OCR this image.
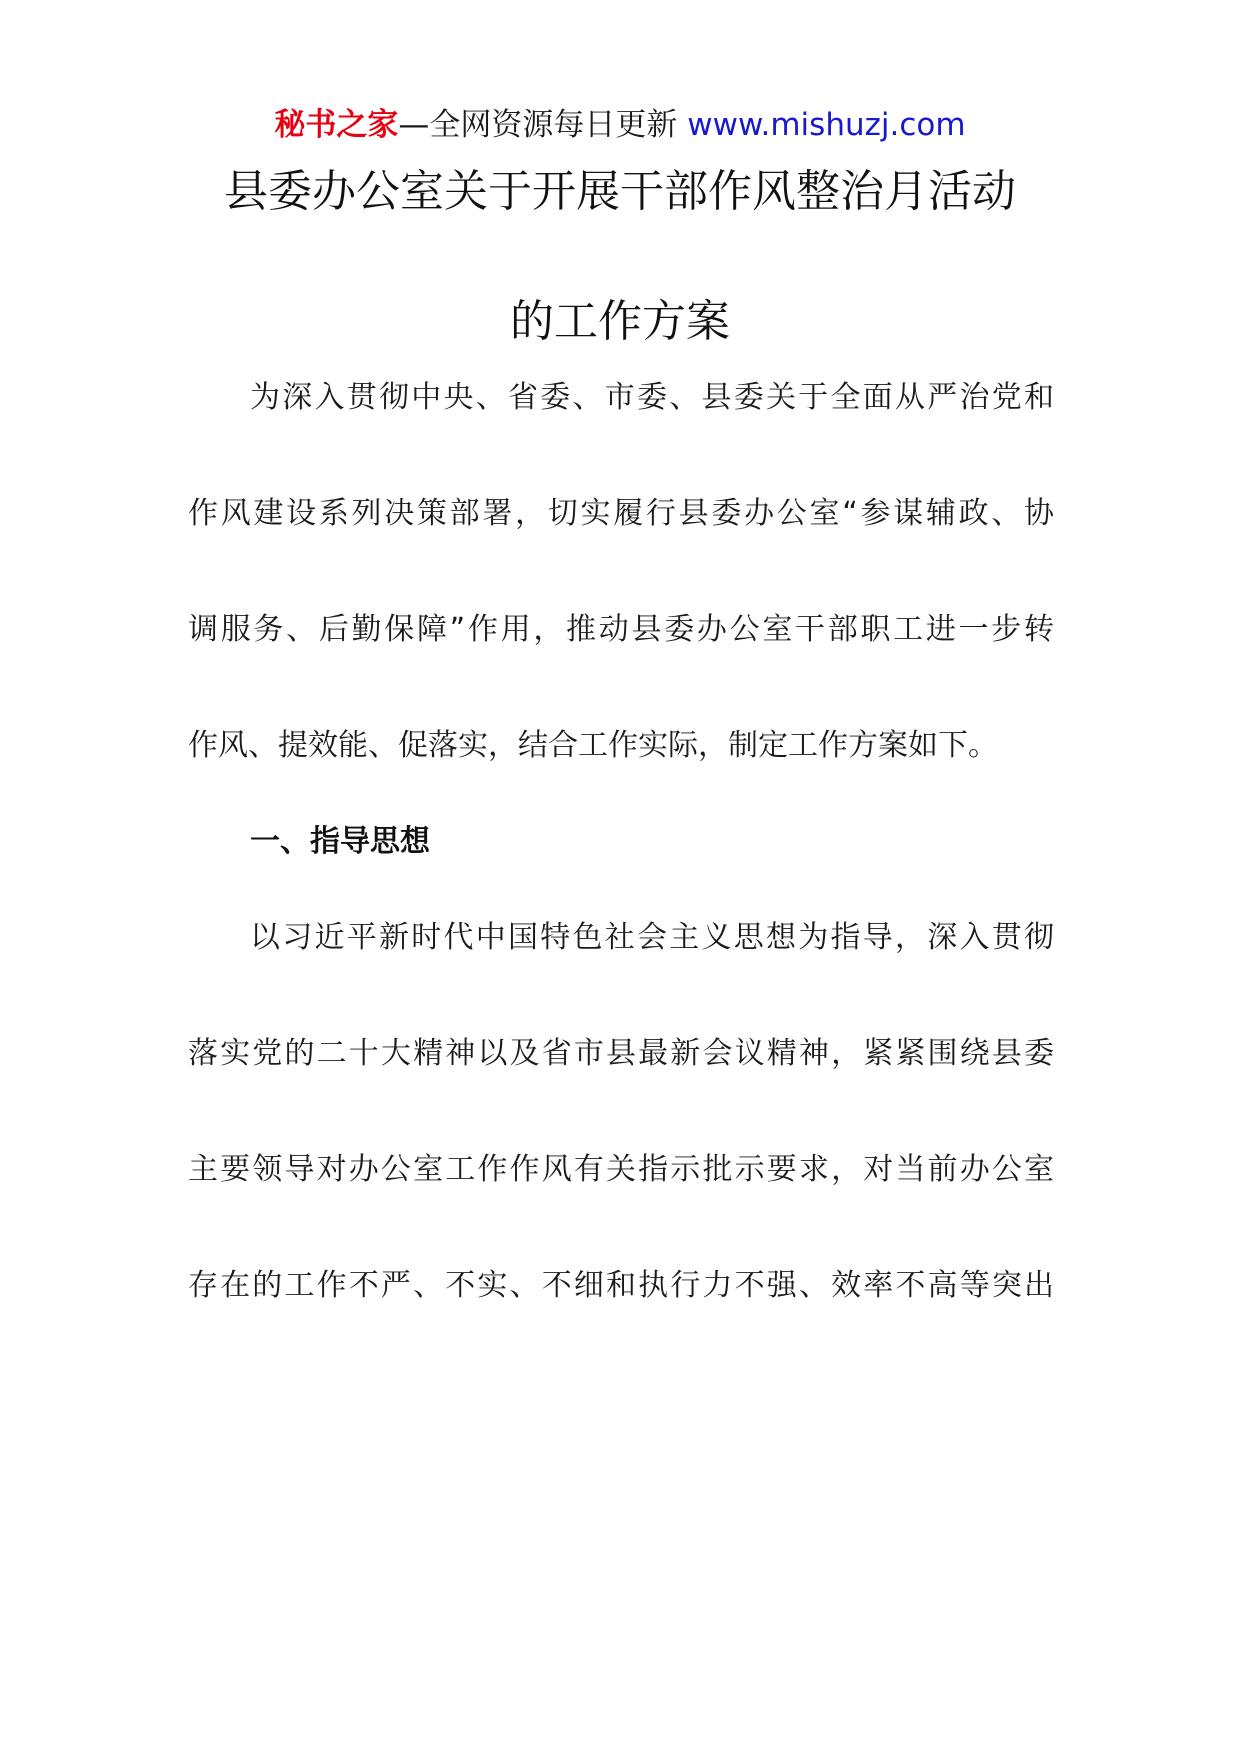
秘书之家—全网资源每日更新 www.mishuzj.com
县委办公室关于开展干部作风整治月活动
的工作方案
为深入贯彻中央、省委、市委、县委关于全面从严治党和
作风建设系列决策部署，切实履行县委办公室“参谋辅政、协
调服务、后勤保障”作用，推动县委办公室干部职工进一步转
作风、提效能、促落实，结合工作实际，制定工作方案如下。
一、指导思想
以习近平新时代中国特色社会主义思想为指导，深入贯彻
落实党的二十大精神以及省市县最新会议精神，紧紧围绕县委
主要领导对办公室工作作风有关指示批示要求，对当前办公室
存在的工作不严、不实、不细和执行力不强、效率不高等突出
